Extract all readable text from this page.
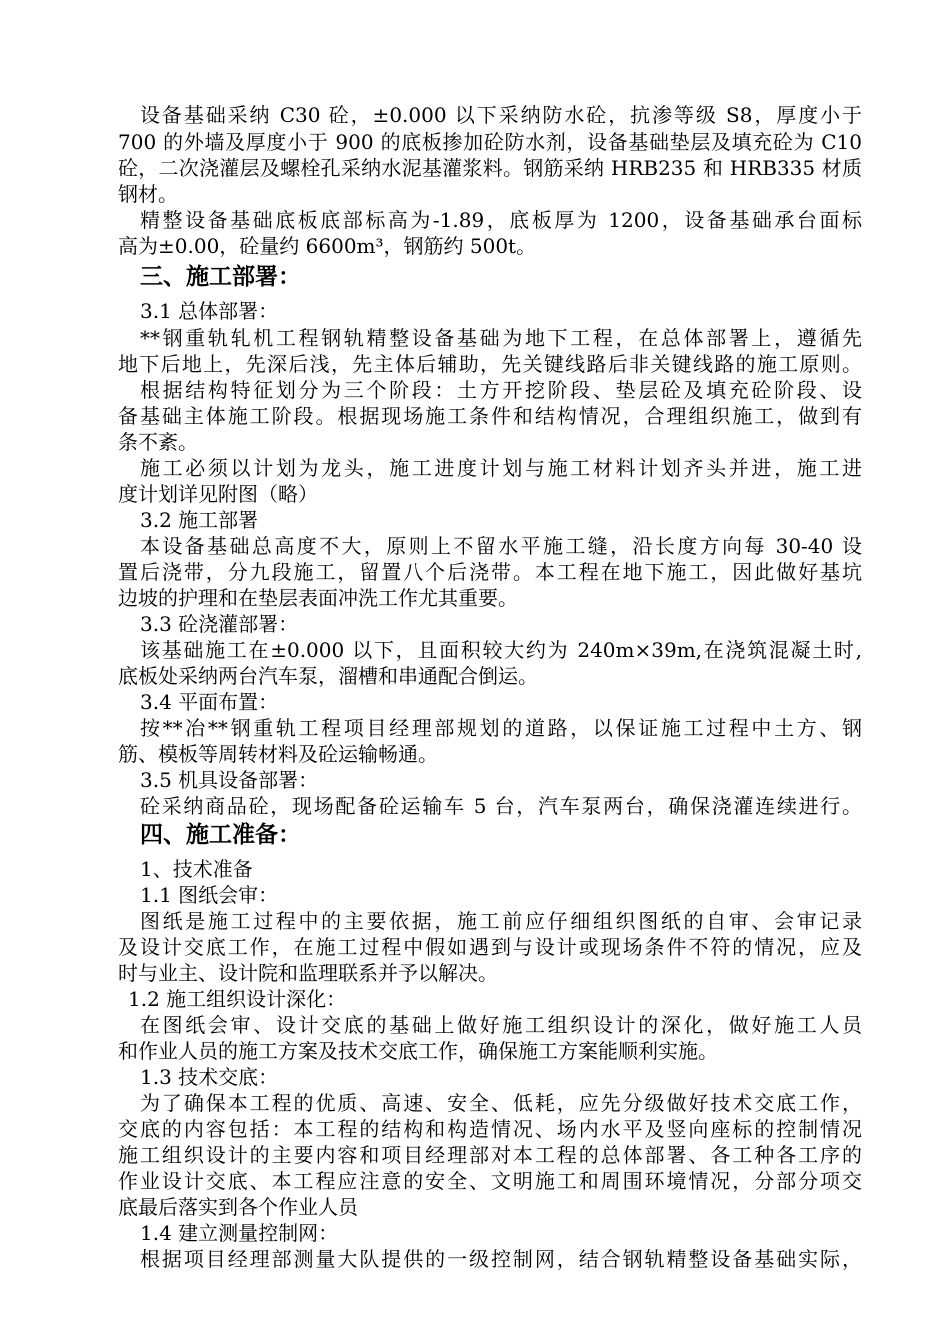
设备基础采纳 C30 砼，±0.000 以下采纳防水砼，抗渗等级 S8，厚度小于
700 的外墙及厚度小于 900 的底板掺加砼防水剂，设备基础垫层及填充砼为 C10
砼，二次浇灌层及螺栓孔采纳水泥基灌浆料。钢筋采纳 HRB235 和 HRB335 材质
钢材。
精整设备基础底板底部标高为-1.89，底板厚为 1200，设备基础承台面标
高为±0.00，砼量约 6600m³，钢筋约 500t。
三、施工部署：
3.1 总体部署：
**钢重轨轧机工程钢轨精整设备基础为地下工程，在总体部署上，遵循先
地下后地上，先深后浅，先主体后辅助，先关键线路后非关键线路的施工原则。
根据结构特征划分为三个阶段：土方开挖阶段、垫层砼及填充砼阶段、设
备基础主体施工阶段。根据现场施工条件和结构情况，合理组织施工，做到有
条不紊。
施工必须以计划为龙头，施工进度计划与施工材料计划齐头并进，施工进
度计划详见附图（略）
3.2 施工部署
本设备基础总高度不大，原则上不留水平施工缝，沿长度方向每 30-40 设
置后浇带，分九段施工，留置八个后浇带。本工程在地下施工，因此做好基坑
边坡的护理和在垫层表面冲洗工作尤其重要。
3.3 砼浇灌部署：
该基础施工在±0.000 以下，且面积较大约为 240m×39m,在浇筑混凝土时,
底板处采纳两台汽车泵，溜槽和串通配合倒运。
3.4 平面布置：
按**冶**钢重轨工程项目经理部规划的道路，以保证施工过程中土方、钢
筋、模板等周转材料及砼运输畅通。
3.5 机具设备部署：
砼采纳商品砼，现场配备砼运输车 5 台，汽车泵两台，确保浇灌连续进行。
四、施工准备：
1、技术准备
1.1 图纸会审：
图纸是施工过程中的主要依据，施工前应仔细组织图纸的自审、会审记录
及设计交底工作，在施工过程中假如遇到与设计或现场条件不符的情况，应及
时与业主、设计院和监理联系并予以解决。
1.2 施工组织设计深化：
在图纸会审、设计交底的基础上做好施工组织设计的深化，做好施工人员
和作业人员的施工方案及技术交底工作，确保施工方案能顺利实施。
1.3 技术交底：
为了确保本工程的优质、高速、安全、低耗，应先分级做好技术交底工作，
交底的内容包括：本工程的结构和构造情况、场内水平及竖向座标的控制情况
施工组织设计的主要内容和项目经理部对本工程的总体部署、各工种各工序的
作业设计交底、本工程应注意的安全、文明施工和周围环境情况，分部分项交
底最后落实到各个作业人员
1.4 建立测量控制网：
根据项目经理部测量大队提供的一级控制网，结合钢轨精整设备基础实际，
